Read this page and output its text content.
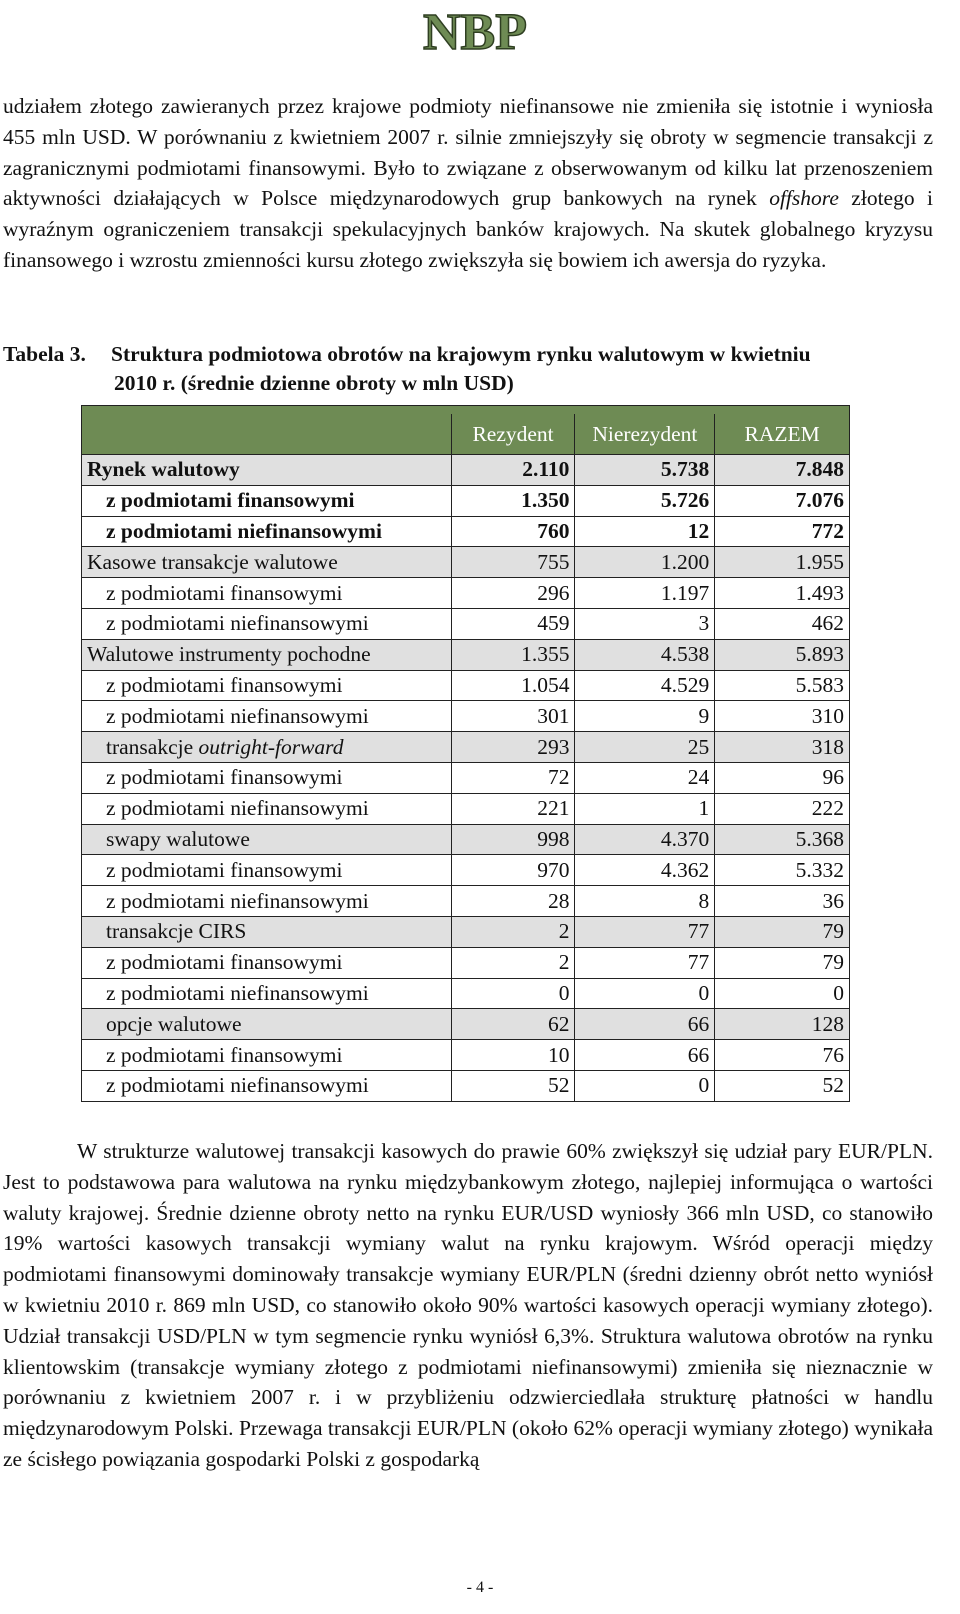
NBP

udziałem złotego zawieranych przez krajowe podmioty niefinansowe nie zmieniła się istotnie i wyniosła 455 mln USD. W porównaniu z kwietniem 2007 r. silnie zmniejszyły się obroty w segmencie transakcji z zagranicznymi podmiotami finansowymi. Było to związane z obserwowanym od kilku lat przenoszeniem aktywności działających w Polsce międzynarodowych grup bankowych na rynek offshore złotego i wyraźnym ograniczeniem transakcji spekulacyjnych banków krajowych. Na skutek globalnego kryzysu finansowego i wzrostu zmienności kursu złotego zwiększyła się bowiem ich awersja do ryzyka.

Tabela 3. Struktura podmiotowa obrotów na krajowym rynku walutowym w kwietniu
2010 r. (średnie dzienne obroty w mln USD)

	Rezydent	Nierezydent	RAZEM
Rynek walutowy	2.110	5.738	7.848
z podmiotami finansowymi	1.350	5.726	7.076
z podmiotami niefinansowymi	760	12	772
Kasowe transakcje walutowe	755	1.200	1.955
z podmiotami finansowymi	296	1.197	1.493
z podmiotami niefinansowymi	459	3	462
Walutowe instrumenty pochodne	1.355	4.538	5.893
z podmiotami finansowymi	1.054	4.529	5.583
z podmiotami niefinansowymi	301	9	310
transakcje outright-forward	293	25	318
z podmiotami finansowymi	72	24	96
z podmiotami niefinansowymi	221	1	222
swapy walutowe	998	4.370	5.368
z podmiotami finansowymi	970	4.362	5.332
z podmiotami niefinansowymi	28	8	36
transakcje CIRS	2	77	79
z podmiotami finansowymi	2	77	79
z podmiotami niefinansowymi	0	0	0
opcje walutowe	62	66	128
z podmiotami finansowymi	10	66	76
z podmiotami niefinansowymi	52	0	52

W strukturze walutowej transakcji kasowych do prawie 60% zwiększył się udział pary EUR/PLN. Jest to podstawowa para walutowa na rynku międzybankowym złotego, najlepiej informująca o wartości waluty krajowej. Średnie dzienne obroty netto na rynku EUR/USD wyniosły 366 mln USD, co stanowiło 19% wartości kasowych transakcji wymiany walut na rynku krajowym. Wśród operacji między podmiotami finansowymi dominowały transakcje wymiany EUR/PLN (średni dzienny obrót netto wyniósł w kwietniu 2010 r. 869 mln USD, co stanowiło około 90% wartości kasowych operacji wymiany złotego). Udział transakcji USD/PLN w tym segmencie rynku wyniósł 6,3%. Struktura walutowa obrotów na rynku klientowskim (transakcje wymiany złotego z podmiotami niefinansowymi) zmieniła się nieznacznie w porównaniu z kwietniem 2007 r. i w przybliżeniu odzwierciedlała strukturę płatności w handlu międzynarodowym Polski. Przewaga transakcji EUR/PLN (około 62% operacji wymiany złotego) wynikała ze ścisłego powiązania gospodarki Polski z gospodarką

- 4 -
